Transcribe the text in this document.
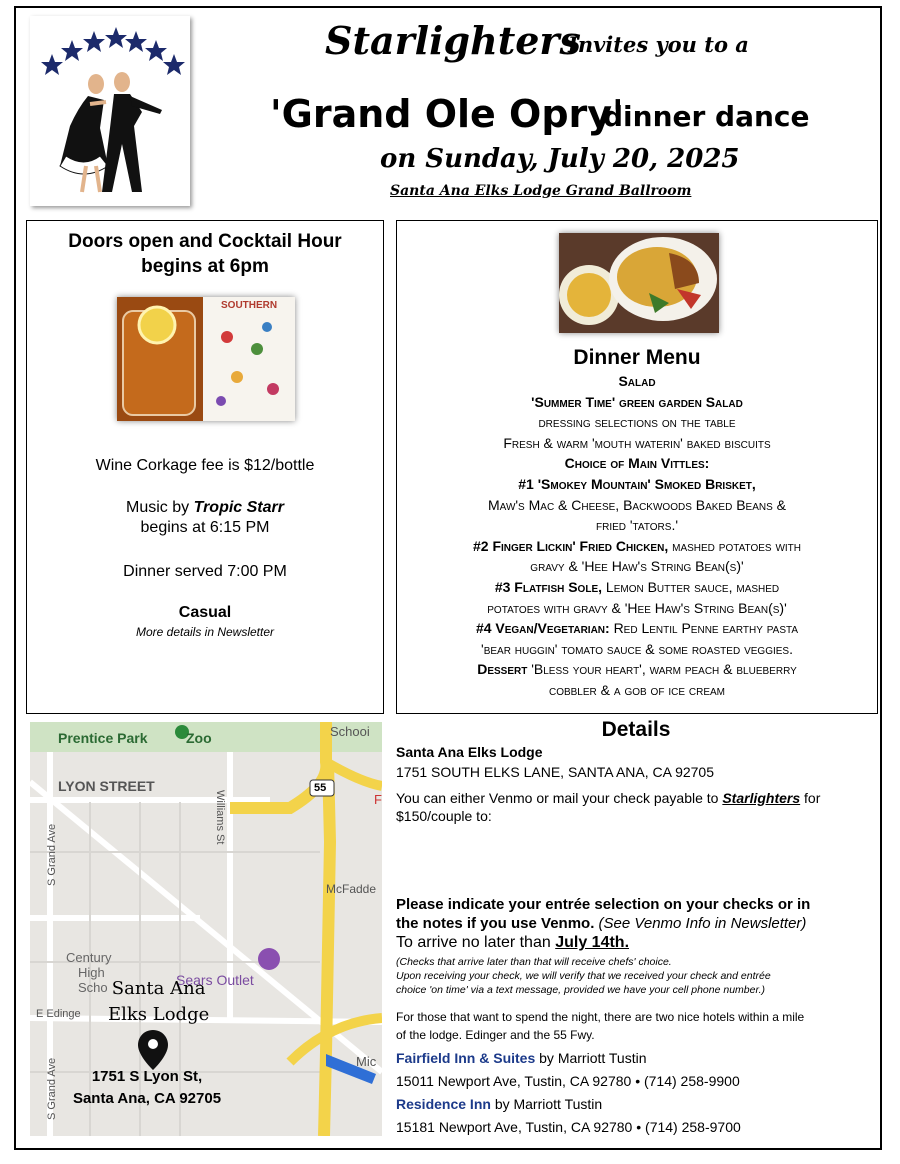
Starlighters
Invites you to a
'Grand Ole Opry'
dinner dance
on Sunday, July 20, 2025
Santa Ana Elks Lodge Grand Ballroom
Doors open and Cocktail Hour
begins at 6pm
SOUTHERN
Wine Corkage fee is $12/bottle
Music by Tropic Starr
begins at 6:15 PM
Dinner served 7:00 PM
Casual
More details in Newsletter
Dinner Menu
Salad
'Summer Time' green garden Salad
dressing selections on the table
Fresh & warm 'mouth waterin' baked biscuits
Choice of Main Vittles:
#1 'Smokey Mountain' Smoked Brisket,
Maw's Mac & Cheese, Backwoods Baked Beans &
fried 'tators.'
#2 Finger Lickin' Fried Chicken, mashed potatoes with
gravy & 'Hee Haw's String Bean(s)'
#3 Flatfish Sole, Lemon Butter sauce, mashed
potatoes with gravy & 'Hee Haw's String Bean(s)'
#4 Vegan/Vegetarian: Red Lentil Penne earthy pasta
'bear huggin' tomato sauce & some roasted veggies.
Dessert 'Bless your heart', warm peach & blueberry
cobbler & a gob of ice cream
Prentice Park	Zoo	Schooi
LYON STREET
Williams St
S Grand Ave
S Grand Ave
55
F
McFadde
Century
High
Scho	Sears Outlet
E Edinge
Santa Ana
Elks Lodge
1751 S Lyon St,
Santa Ana, CA 92705
Mic
Details
Santa Ana Elks Lodge
1751 SOUTH ELKS LANE, SANTA ANA, CA 92705
You can either Venmo or mail your check payable to Starlighters for
$150/couple to:
Please indicate your entrée selection on your checks or in
the notes if you use Venmo. (See Venmo Info in Newsletter)
To arrive no later than July 14th.
(Checks that arrive later than that will receive chefs' choice.
Upon receiving your check, we will verify that we received your check and entrée
choice 'on time' via a text message, provided we have your cell phone number.)
For those that want to spend the night, there are two nice hotels within a mile
of the lodge. Edinger and the 55 Fwy.
Fairfield Inn & Suites by Marriott Tustin
15011 Newport Ave, Tustin, CA 92780 • (714) 258-9900
Residence Inn by Marriott Tustin
15181 Newport Ave, Tustin, CA 92780 • (714) 258-9700
